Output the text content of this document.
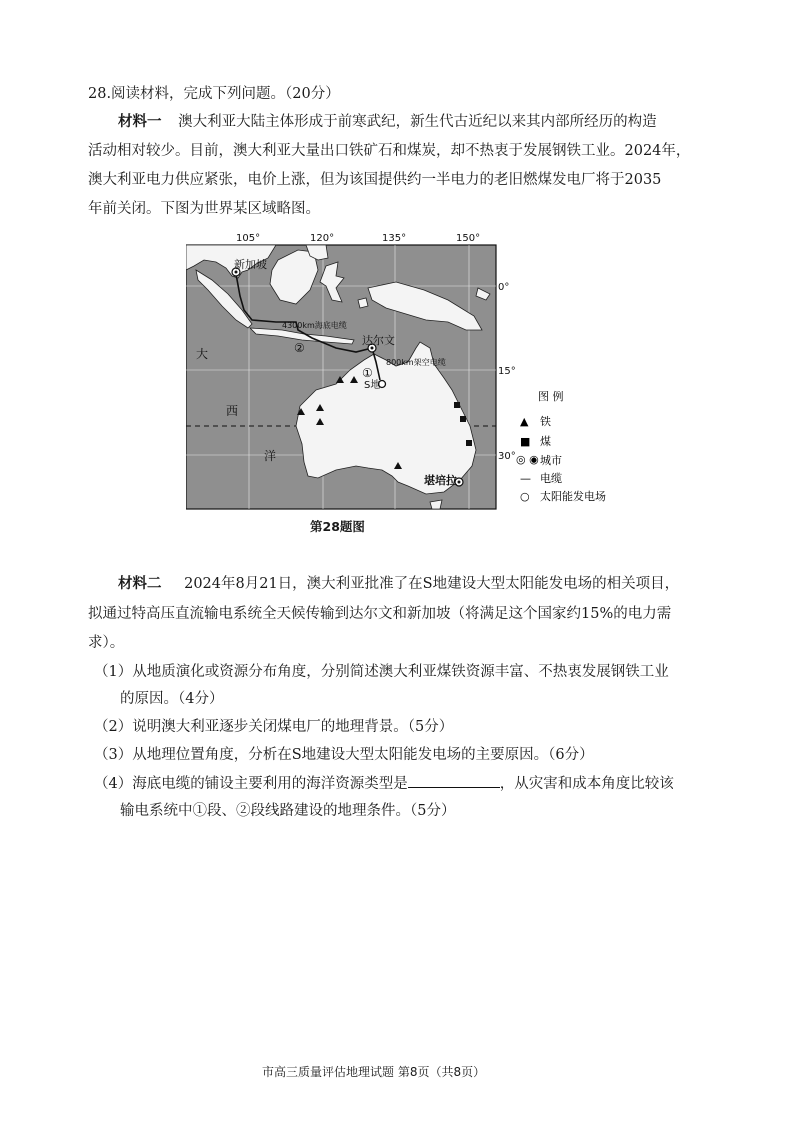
28.阅读材料，完成下列问题。（20分）
材料一 澳大利亚大陆主体形成于前寒武纪，新生代古近纪以来其内部所经历的构造
活动相对较少。目前，澳大利亚大量出口铁矿石和煤炭，却不热衷于发展钢铁工业。2024年，
澳大利亚电力供应紧张，电价上涨，但为该国提供约一半电力的老旧燃煤发电厂将于2035
年前关闭。下图为世界某区域略图。
105°	120°	135°	150°
0°
15°
30°
新加坡
4300km海底电缆
②
达尔文
①
800km架空电缆
S地
堪培拉
大
西
洋
图 例
▲ 铁
■ 煤
◎ ◉ 城市
— 电缆
○ 太阳能发电场
第28题图
材料二 2024年8月21日，澳大利亚批准了在S地建设大型太阳能发电场的相关项目，
拟通过特高压直流输电系统全天候传输到达尔文和新加坡（将满足这个国家约15%的电力需
求）。
（1）从地质演化或资源分布角度，分别简述澳大利亚煤铁资源丰富、不热衷发展钢铁工业
的原因。（4分）
（2）说明澳大利亚逐步关闭煤电厂的地理背景。（5分）
（3）从地理位置角度，分析在S地建设大型太阳能发电场的主要原因。（6分）
（4）海底电缆的铺设主要利用的海洋资源类型是	，从灾害和成本角度比较该
输电系统中①段、②段线路建设的地理条件。（5分）
市高三质量评估地理试题 第8页（共8页）
